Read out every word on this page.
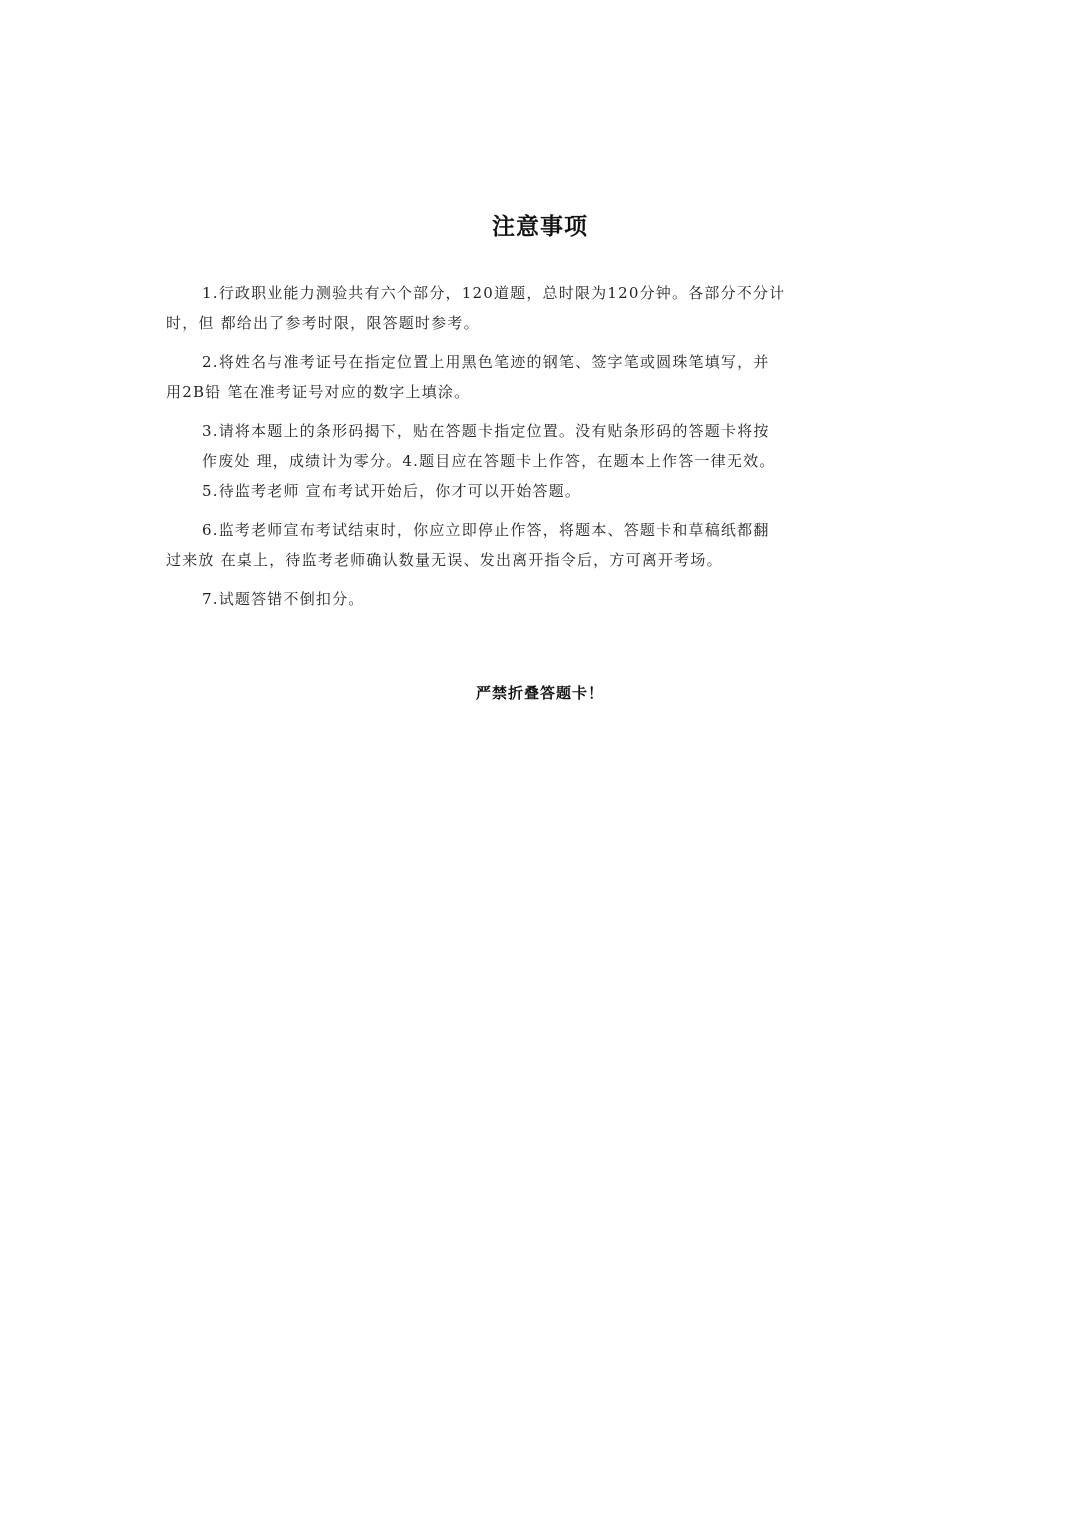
注意事项

1.行政职业能力测验共有六个部分，120道题，总时限为120分钟。各部分不分计
时，但 都给出了参考时限，限答题时参考。

2.将姓名与准考证号在指定位置上用黑色笔迹的钢笔、签字笔或圆珠笔填写，并
用2B铅 笔在准考证号对应的数字上填涂。

3.请将本题上的条形码揭下，贴在答题卡指定位置。没有贴条形码的答题卡将按
作废处 理，成绩计为零分。4.题目应在答题卡上作答，在题本上作答一律无效。

5.待监考老师 宣布考试开始后，你才可以开始答题。

6.监考老师宣布考试结束时，你应立即停止作答，将题本、答题卡和草稿纸都翻
过来放 在桌上，待监考老师确认数量无误、发出离开指令后，方可离开考场。

7.试题答错不倒扣分。

严禁折叠答题卡！
